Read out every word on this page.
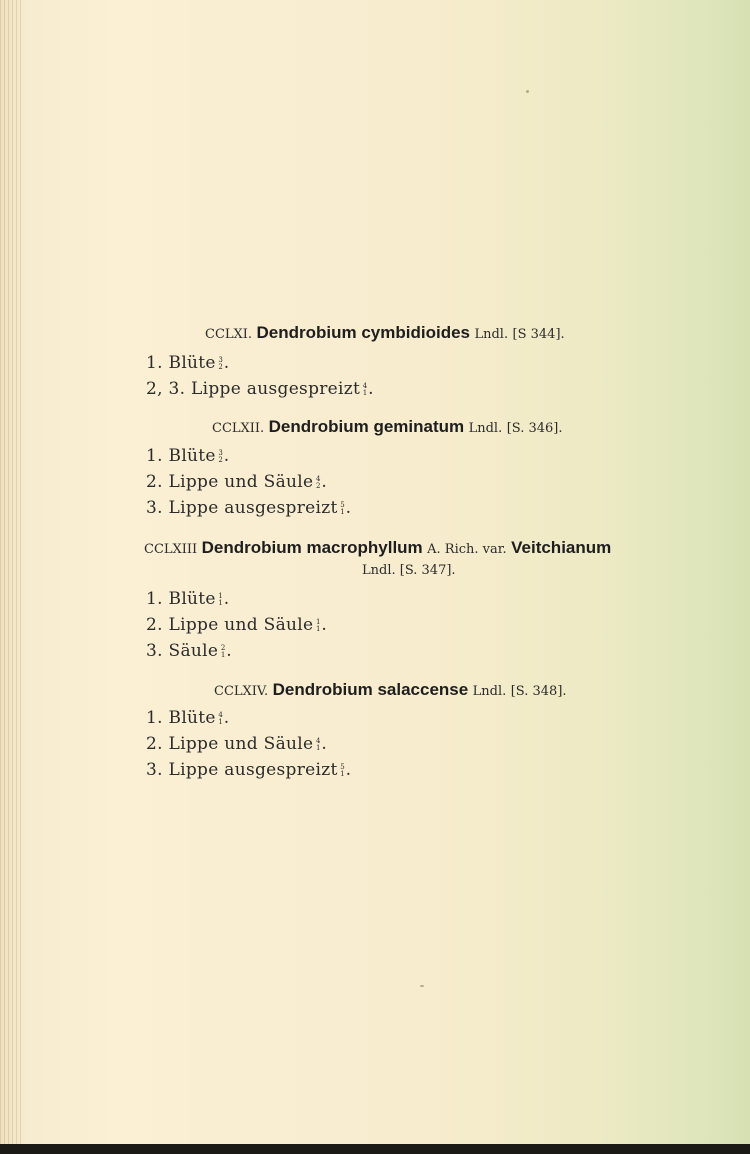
CCLXI. Dendrobium cymbidioides Lndl. [S 344].
1. Blüte 3
2 .
2, 3. Lippe ausgespreizt 4
1 .
CCLXII. Dendrobium geminatum Lndl. [S. 346].
1. Blüte 3
2 .
2. Lippe und Säule 4
2 .
3. Lippe ausgespreizt 5
1 .
CCLXIII Dendrobium macrophyllum A. Rich. var. Veitchianum
Lndl. [S. 347].
1. Blüte 1
1 .
2. Lippe und Säule 1
1 .
3. Säule 2
1 .
CCLXIV. Dendrobium salaccense Lndl. [S. 348].
1. Blüte 4
1 .
2. Lippe und Säule 4
1 .
3. Lippe ausgespreizt 5
1 .
